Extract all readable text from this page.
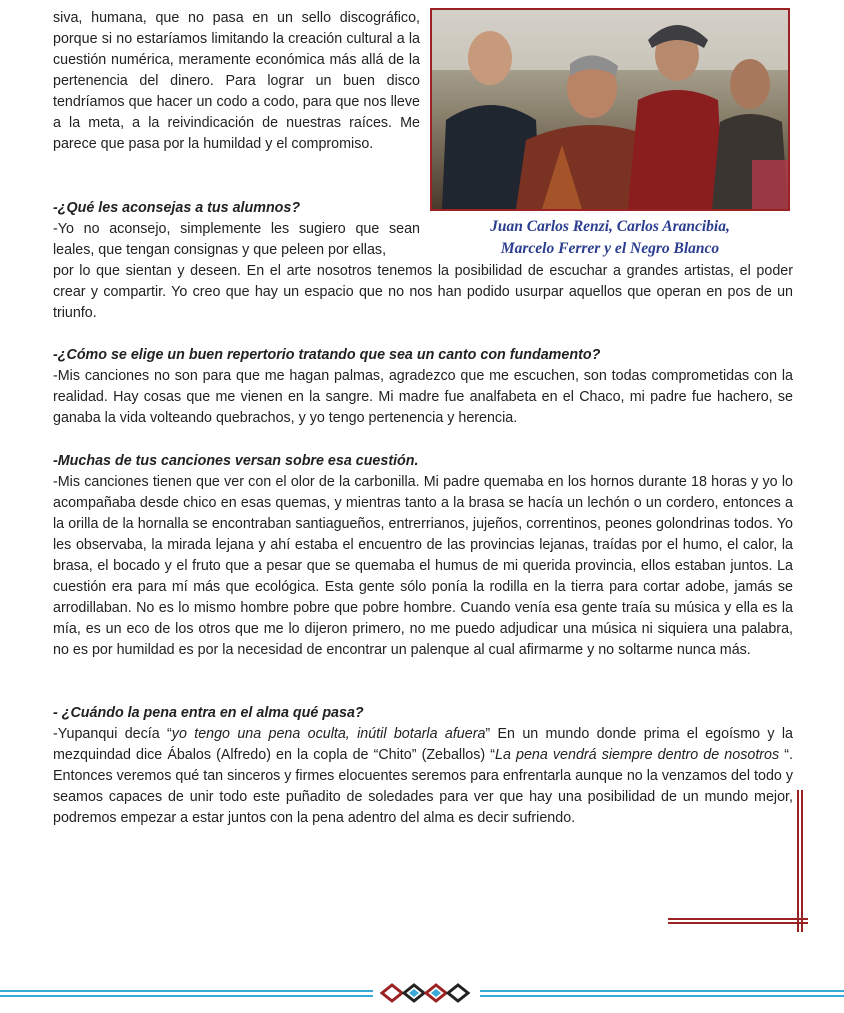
siva, humana, que no pasa en un sello discográfico, porque si no estaríamos limitando la creación cultural a la cuestión numérica, meramente económica más allá de la pertenencia del dinero. Para lograr un buen disco tendríamos que hacer un codo a codo, para que nos lleve a la meta, a la reivindicación de nuestras raíces. Me parece que pasa por la humildad y el compromiso.

Juan Carlos Renzi, Carlos Arancibia,
Marcelo Ferrer y el Negro Blanco

-¿Qué les aconsejas a tus alumnos?

-Yo no aconsejo, simplemente les sugiero que sean leales, que tengan consignas y que peleen por ellas,

por lo que sientan y deseen. En el arte nosotros tenemos la posibilidad de escuchar a grandes artistas, el poder crear y compartir. Yo creo que hay un espacio que no nos han podido usurpar aquellos que operan en pos de un triunfo.

-¿Cómo se elige un buen repertorio tratando que sea un canto con fundamento?

-Mis canciones no son para que me hagan palmas, agradezco que me escuchen, son todas comprometidas con la realidad. Hay cosas que me vienen en la sangre. Mi madre fue analfabeta en el Chaco, mi padre fue hachero, se ganaba la vida volteando quebrachos, y yo tengo pertenencia y herencia.

-Muchas de tus canciones versan sobre esa cuestión.

-Mis canciones tienen que ver con el olor de la carbonilla. Mi padre quemaba en los hornos durante 18 horas y yo lo acompañaba desde chico en esas quemas, y mientras tanto a la brasa se hacía un lechón o un cordero, entonces a la orilla de la hornalla se encontraban santiagueños, entrerrianos, jujeños, correntinos, peones golondrinas todos. Yo les observaba, la mirada lejana y ahí estaba el encuentro de las provincias lejanas, traídas por el humo, el calor, la brasa, el bocado y el fruto que a pesar que se quemaba el humus de mi querida provincia, ellos estaban juntos. La cuestión era para mí más que ecológica. Esta gente sólo ponía la rodilla en la tierra para cortar adobe, jamás se arrodillaban. No es lo mismo hombre pobre que pobre hombre. Cuando venía esa gente traía su música y ella es la mía, es un eco de los otros que me lo dijeron primero, no me puedo adjudicar una música ni siquiera una palabra, no es por humildad es por la necesidad de encontrar un palenque al cual afirmarme y no soltarme nunca más.

- ¿Cuándo la pena entra en el alma qué pasa?

-Yupanqui decía “yo tengo una pena oculta, inútil botarla afuera” En un mundo donde prima el egoísmo y la mezquindad dice Ábalos (Alfredo) en la copla de “Chito” (Zeballos) “La pena vendrá siempre dentro de nosotros “. Entonces veremos qué tan sinceros y firmes elocuentes seremos para enfrentarla aunque no la venzamos del todo y seamos capaces de unir todo este puñadito de soledades para ver que hay una posibilidad de un mundo mejor, podremos empezar a estar juntos con la pena adentro del alma es decir sufriendo.
